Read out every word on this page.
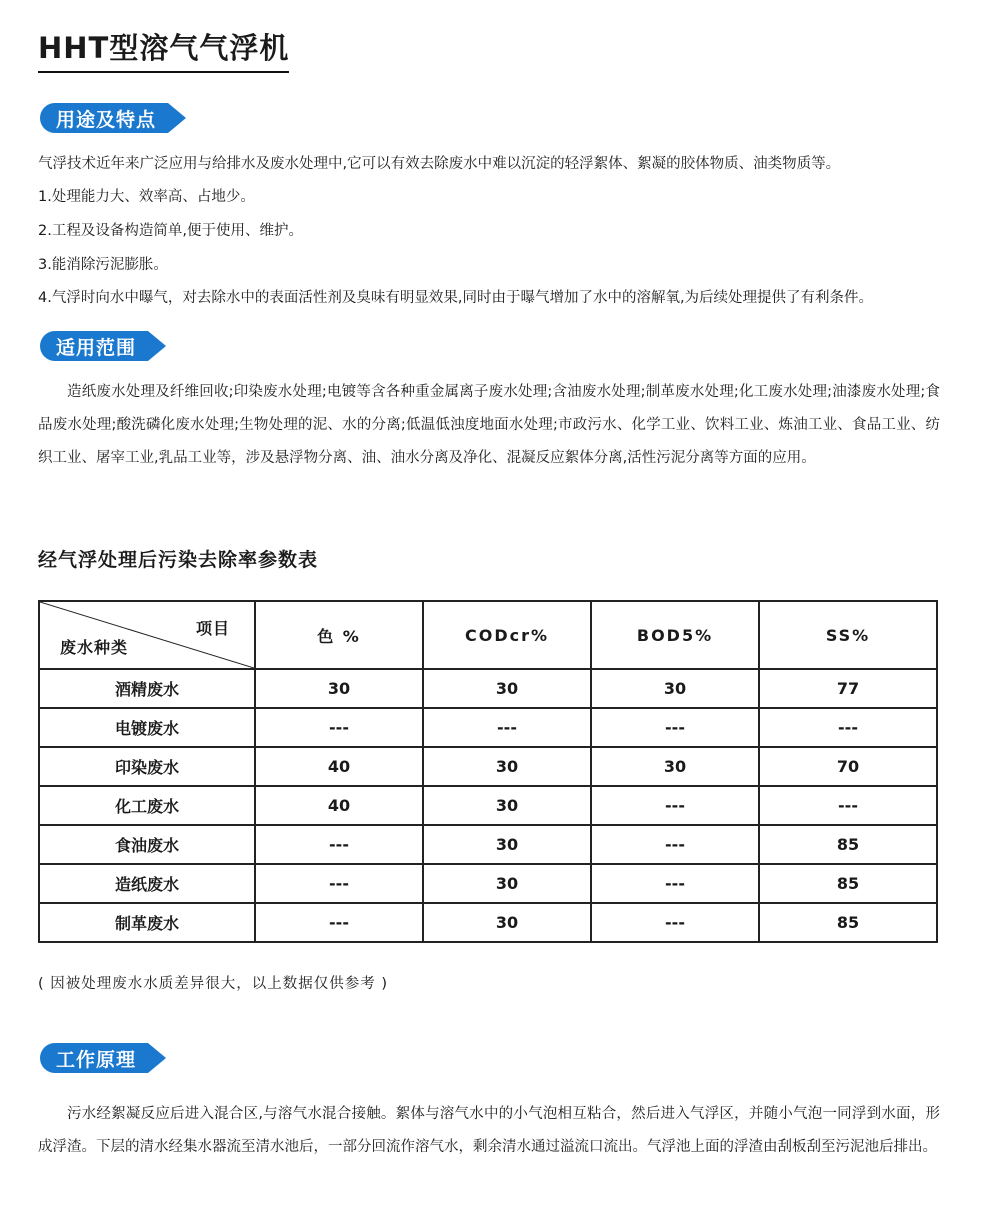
HHT型溶气气浮机
用途及特点

气浮技术近年来广泛应用与给排水及废水处理中,它可以有效去除废水中难以沉淀的轻浮絮体、絮凝的胶体物质、油类物质等。

1.处理能力大、效率高、占地少。

2.工程及设备构造简单,便于使用、维护。

3.能消除污泥膨胀。

4.气浮时向水中曝气，对去除水中的表面活性剂及臭味有明显效果,同时由于曝气增加了水中的溶解氧,为后续处理提供了有利条件。

适用范围

造纸废水处理及纤维回收;印染废水处理;电镀等含各种重金属离子废水处理;含油废水处理;制革废水处理;化工废水处理;油漆废水处理;食品废水处理;酸洗磷化废水处理;生物处理的泥、水的分离;低温低浊度地面水处理;市政污水、化学工业、饮料工业、炼油工业、食品工业、纺织工业、屠宰工业,乳品工业等，涉及悬浮物分离、油、油水分离及净化、混凝反应絮体分离,活性污泥分离等方面的应用。

经气浮处理后污染去除率参数表
项目
废水种类	色 %	CODcr%	BOD5%	SS%
酒精废水	30	30	30	77
电镀废水	---	---	---	---
印染废水	40	30	30	70
化工废水	40	30	---	---
食油废水	---	30	---	85
造纸废水	---	30	---	85
制革废水	---	30	---	85
( 因被处理废水水质差异很大，以上数据仅供参考 )
工作原理

污水经絮凝反应后进入混合区,与溶气水混合接触。絮体与溶气水中的小气泡相互粘合，然后进入气浮区，并随小气泡一同浮到水面，形成浮渣。下层的清水经集水器流至清水池后，一部分回流作溶气水，剩余清水通过溢流口流出。气浮池上面的浮渣由刮板刮至污泥池后排出。
